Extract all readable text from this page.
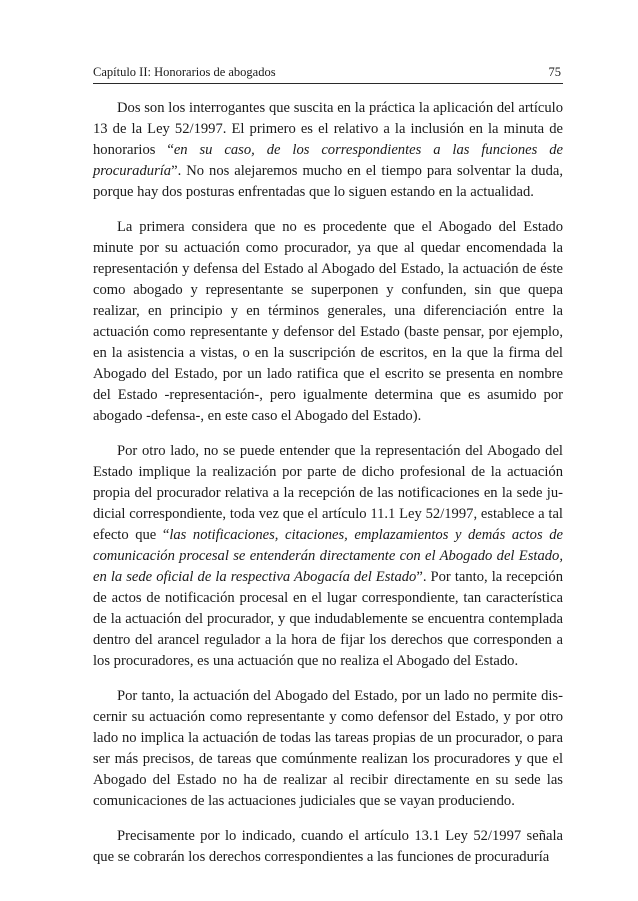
Capítulo II: Honorarios de abogados	75

Dos son los interrogantes que suscita en la práctica la aplicación del artículo 13 de la Ley 52/1997. El primero es el relativo a la inclusión en la minuta de honorarios “en su caso, de los correspondientes a las funciones de procuraduría”. No nos alejaremos mucho en el tiempo para solventar la duda, porque hay dos posturas enfrentadas que lo siguen estando en la actualidad.

La primera considera que no es procedente que el Abogado del Estado minute por su actuación como procurador, ya que al quedar encomendada la representación y defensa del Estado al Abogado del Estado, la actuación de éste como abogado y representante se superponen y confunden, sin que quepa realizar, en principio y en términos generales, una diferenciación entre la actuación como representante y defensor del Estado (baste pensar, por ejemplo, en la asistencia a vistas, o en la suscripción de escritos, en la que la firma del Abogado del Estado, por un lado ratifica que el escrito se presenta en nombre del Estado -representación-, pero igualmente determina que es asumido por abogado -defensa-, en este caso el Abogado del Estado).

Por otro lado, no se puede entender que la representación del Abogado del Estado implique la realización por parte de dicho profesional de la actuación propia del procurador relativa a la recepción de las notificaciones en la sede judicial correspondiente, toda vez que el artículo 11.1 Ley 52/1997, establece a tal efecto que “las notificaciones, citaciones, emplazamientos y demás actos de comunicación procesal se entenderán directamente con el Abogado del Estado, en la sede oficial de la respectiva Abogacía del Estado”. Por tanto, la recepción de actos de notificación procesal en el lugar correspondiente, tan característica de la actuación del procurador, y que indudablemente se encuentra contemplada dentro del arancel regulador a la hora de fijar los derechos que corresponden a los procuradores, es una actuación que no realiza el Abogado del Estado.

Por tanto, la actuación del Abogado del Estado, por un lado no permite discernir su actuación como representante y como defensor del Estado, y por otro lado no implica la actuación de todas las tareas propias de un procurador, o para ser más precisos, de tareas que comúnmente realizan los procuradores y que el Abogado del Estado no ha de realizar al recibir directamente en su sede las comunicaciones de las actuaciones judiciales que se vayan produciendo.

Precisamente por lo indicado, cuando el artículo 13.1 Ley 52/1997 señala que se cobrarán los derechos correspondientes a las funciones de procuraduría
